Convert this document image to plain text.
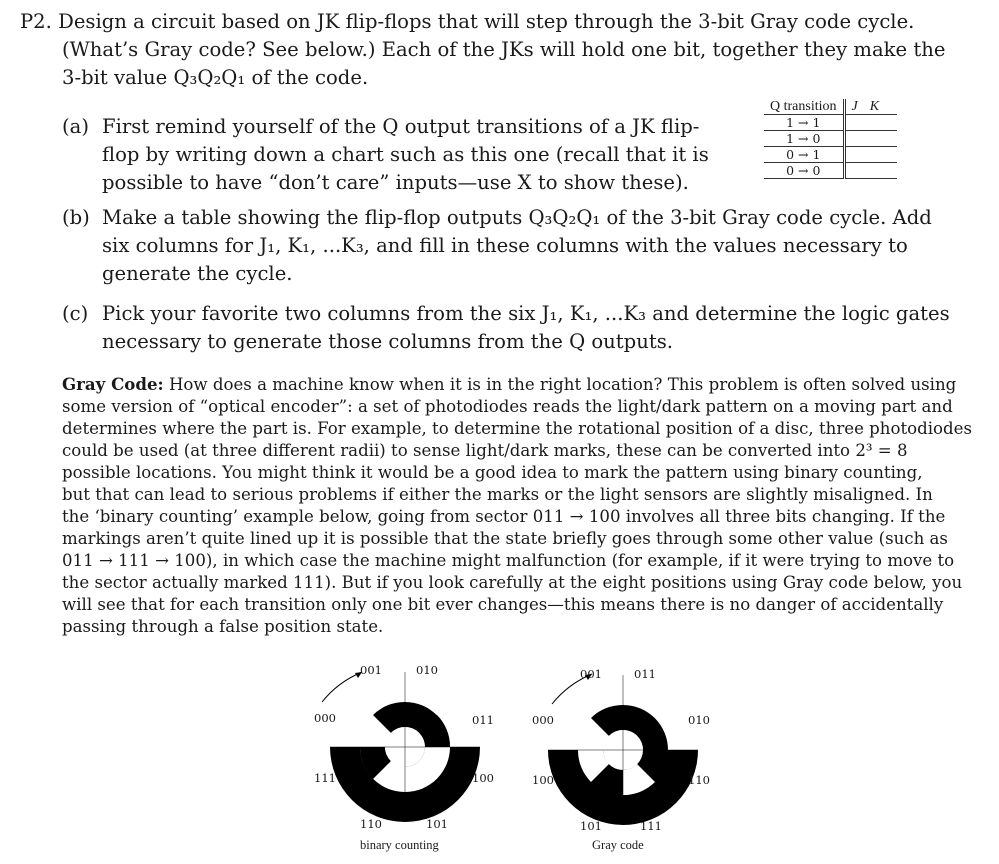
P2. Design a circuit based on JK flip-flops that will step through the 3-bit Gray code cycle.
(What’s Gray code? See below.) Each of the JKs will hold one bit, together they make the
3-bit value Q₃Q₂Q₁ of the code.
(a) First remind yourself of the Q output transitions of a JK flip-
flop by writing down a chart such as this one (recall that it is
possible to have “don’t care” inputs—use X to show these).
Q transition	J	K
1 → 1		
1 → 0		
0 → 1		
0 → 0		
(b) Make a table showing the flip-flop outputs Q₃Q₂Q₁ of the 3-bit Gray code cycle. Add
six columns for J₁, K₁, ...K₃, and fill in these columns with the values necessary to
generate the cycle.
(c) Pick your favorite two columns from the six J₁, K₁, ...K₃ and determine the logic gates
necessary to generate those columns from the Q outputs.
Gray Code: How does a machine know when it is in the right location? This problem is often solved using
some version of “optical encoder”: a set of photodiodes reads the light/dark pattern on a moving part and
determines where the part is. For example, to determine the rotational position of a disc, three photodiodes
could be used (at three different radii) to sense light/dark marks, these can be converted into 2³ = 8
possible locations. You might think it would be a good idea to mark the pattern using binary counting,
but that can lead to serious problems if either the marks or the light sensors are slightly misaligned. In
the ‘binary counting’ example below, going from sector 011 → 100 involves all three bits changing. If the
markings aren’t quite lined up it is possible that the state briefly goes through some other value (such as
011 → 111 → 100), in which case the machine might malfunction (for example, if it were trying to move to
the sector actually marked 111). But if you look carefully at the eight positions using Gray code below, you
will see that for each transition only one bit ever changes—this means there is no danger of accidentally
passing through a false position state.
001	010
000	011
111	100
110	101
binary counting
001	011
000	010
100	110
101	111
Gray code
